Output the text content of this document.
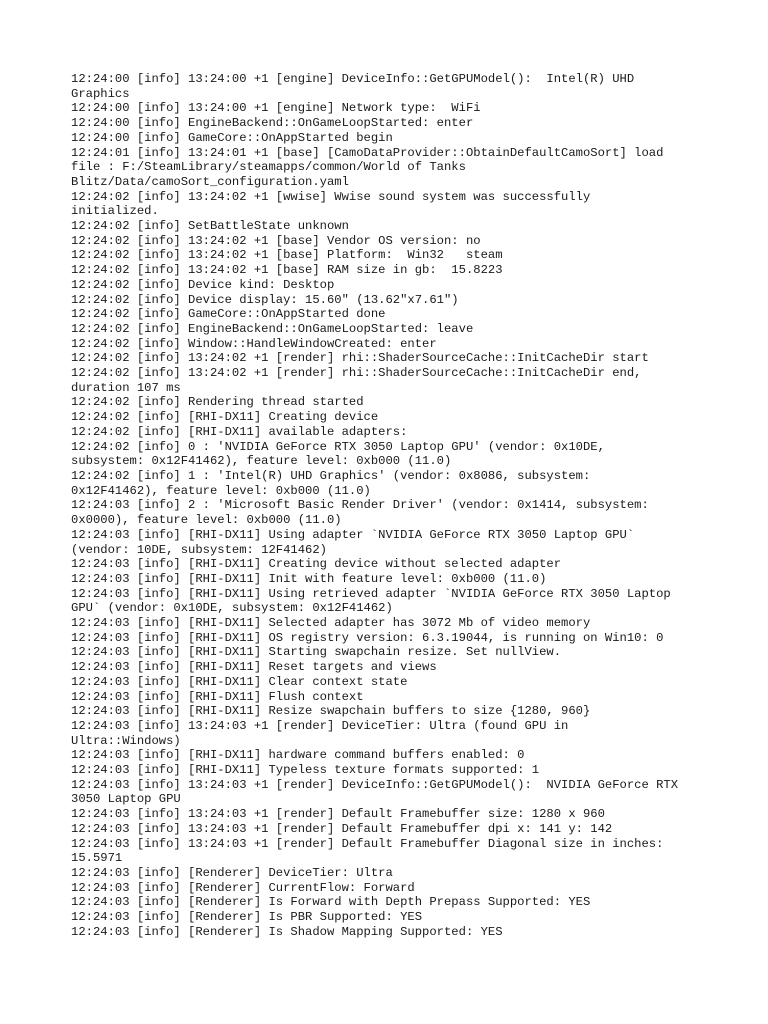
12:24:00 [info] 13:24:00 +1 [engine] DeviceInfo::GetGPUModel():  Intel(R) UHD
Graphics
12:24:00 [info] 13:24:00 +1 [engine] Network type:  WiFi
12:24:00 [info] EngineBackend::OnGameLoopStarted: enter
12:24:00 [info] GameCore::OnAppStarted begin
12:24:01 [info] 13:24:01 +1 [base] [CamoDataProvider::ObtainDefaultCamoSort] load
file : F:/SteamLibrary/steamapps/common/World of Tanks
Blitz/Data/camoSort_configuration.yaml
12:24:02 [info] 13:24:02 +1 [wwise] Wwise sound system was successfully
initialized.
12:24:02 [info] SetBattleState unknown
12:24:02 [info] 13:24:02 +1 [base] Vendor OS version: no
12:24:02 [info] 13:24:02 +1 [base] Platform:  Win32   steam
12:24:02 [info] 13:24:02 +1 [base] RAM size in gb:  15.8223
12:24:02 [info] Device kind: Desktop
12:24:02 [info] Device display: 15.60" (13.62"x7.61")
12:24:02 [info] GameCore::OnAppStarted done
12:24:02 [info] EngineBackend::OnGameLoopStarted: leave
12:24:02 [info] Window::HandleWindowCreated: enter
12:24:02 [info] 13:24:02 +1 [render] rhi::ShaderSourceCache::InitCacheDir start
12:24:02 [info] 13:24:02 +1 [render] rhi::ShaderSourceCache::InitCacheDir end,
duration 107 ms
12:24:02 [info] Rendering thread started
12:24:02 [info] [RHI-DX11] Creating device
12:24:02 [info] [RHI-DX11] available adapters:
12:24:02 [info] 0 : 'NVIDIA GeForce RTX 3050 Laptop GPU' (vendor: 0x10DE,
subsystem: 0x12F41462), feature level: 0xb000 (11.0)
12:24:02 [info] 1 : 'Intel(R) UHD Graphics' (vendor: 0x8086, subsystem:
0x12F41462), feature level: 0xb000 (11.0)
12:24:03 [info] 2 : 'Microsoft Basic Render Driver' (vendor: 0x1414, subsystem:
0x0000), feature level: 0xb000 (11.0)
12:24:03 [info] [RHI-DX11] Using adapter `NVIDIA GeForce RTX 3050 Laptop GPU`
(vendor: 10DE, subsystem: 12F41462)
12:24:03 [info] [RHI-DX11] Creating device without selected adapter
12:24:03 [info] [RHI-DX11] Init with feature level: 0xb000 (11.0)
12:24:03 [info] [RHI-DX11] Using retrieved adapter `NVIDIA GeForce RTX 3050 Laptop
GPU` (vendor: 0x10DE, subsystem: 0x12F41462)
12:24:03 [info] [RHI-DX11] Selected adapter has 3072 Mb of video memory
12:24:03 [info] [RHI-DX11] OS registry version: 6.3.19044, is running on Win10: 0
12:24:03 [info] [RHI-DX11] Starting swapchain resize. Set nullView.
12:24:03 [info] [RHI-DX11] Reset targets and views
12:24:03 [info] [RHI-DX11] Clear context state
12:24:03 [info] [RHI-DX11] Flush context
12:24:03 [info] [RHI-DX11] Resize swapchain buffers to size {1280, 960}
12:24:03 [info] 13:24:03 +1 [render] DeviceTier: Ultra (found GPU in
Ultra::Windows)
12:24:03 [info] [RHI-DX11] hardware command buffers enabled: 0
12:24:03 [info] [RHI-DX11] Typeless texture formats supported: 1
12:24:03 [info] 13:24:03 +1 [render] DeviceInfo::GetGPUModel():  NVIDIA GeForce RTX
3050 Laptop GPU
12:24:03 [info] 13:24:03 +1 [render] Default Framebuffer size: 1280 x 960
12:24:03 [info] 13:24:03 +1 [render] Default Framebuffer dpi x: 141 y: 142
12:24:03 [info] 13:24:03 +1 [render] Default Framebuffer Diagonal size in inches:
15.5971
12:24:03 [info] [Renderer] DeviceTier: Ultra
12:24:03 [info] [Renderer] CurrentFlow: Forward
12:24:03 [info] [Renderer] Is Forward with Depth Prepass Supported: YES
12:24:03 [info] [Renderer] Is PBR Supported: YES
12:24:03 [info] [Renderer] Is Shadow Mapping Supported: YES
